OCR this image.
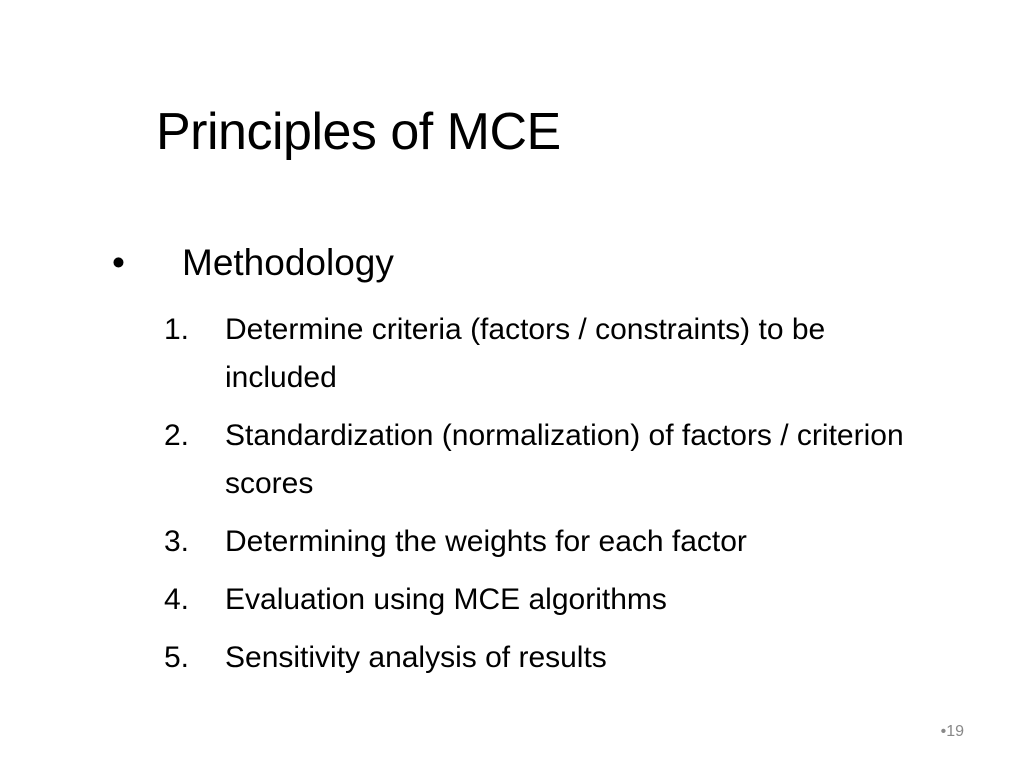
Principles of MCE
• Methodology
1. Determine criteria (factors / constraints) to be included
2. Standardization (normalization) of factors / criterion scores
3. Determining the weights for each factor
4. Evaluation using MCE algorithms
5. Sensitivity analysis of results
•19
